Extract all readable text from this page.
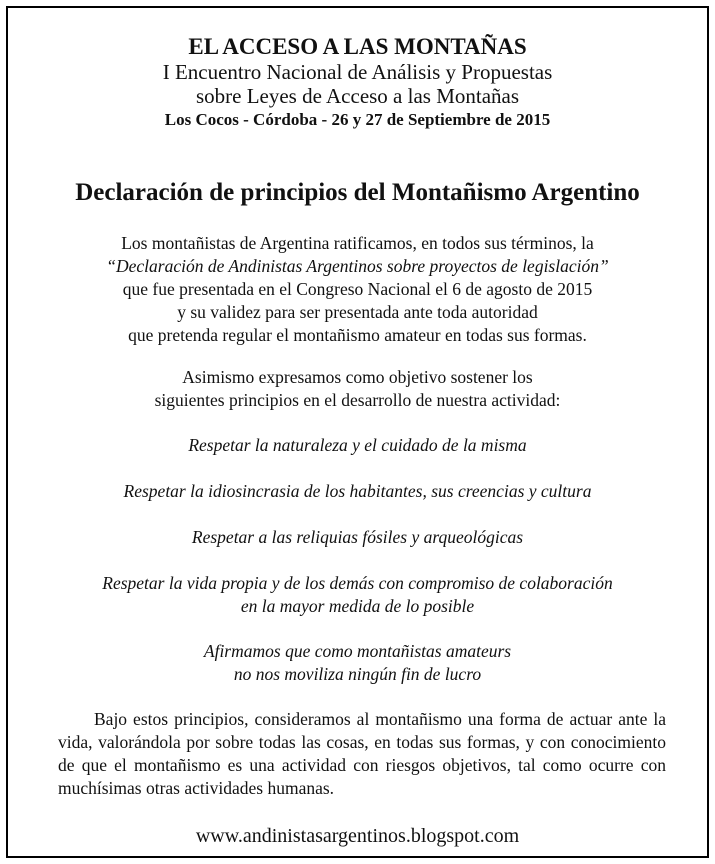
EL ACCESO A LAS MONTAÑAS
I Encuentro Nacional de Análisis y Propuestas
sobre Leyes de Acceso a las Montañas
Los Cocos - Córdoba - 26 y 27 de Septiembre de 2015
Declaración de principios del Montañismo Argentino
Los montañistas de Argentina ratificamos, en todos sus términos, la
“Declaración de Andinistas Argentinos sobre proyectos de legislación”
que fue presentada en el Congreso Nacional el 6 de agosto de 2015
y su validez para ser presentada ante toda autoridad
que pretenda regular el montañismo amateur en todas sus formas.
Asimismo expresamos como objetivo sostener los
siguientes principios en el desarrollo de nuestra actividad:
Respetar la naturaleza y el cuidado de la misma
Respetar la idiosincrasia de los habitantes, sus creencias y cultura
Respetar a las reliquias fósiles y arqueológicas
Respetar la vida propia y de los demás con compromiso de colaboración
en la mayor medida de lo posible
Afirmamos que como montañistas amateurs
no nos moviliza ningún fin de lucro
Bajo estos principios, consideramos al montañismo una forma de actuar ante la vida, valorándola por sobre todas las cosas, en todas sus formas, y con conocimiento de que el montañismo es una actividad con riesgos objetivos, tal como ocurre con muchísimas otras actividades humanas.
www.andinistasargentinos.blogspot.com
